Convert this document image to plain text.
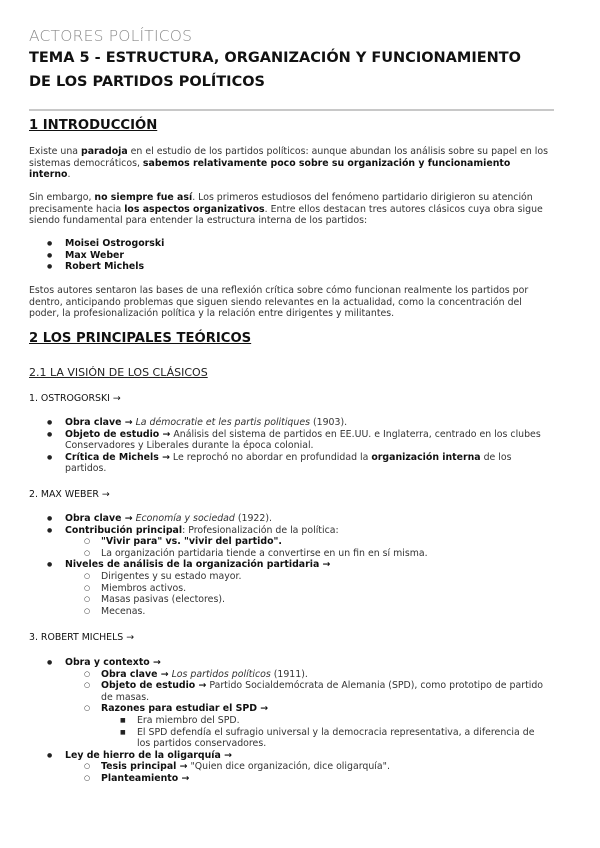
ACTORES POLÍTICOS
TEMA 5 - ESTRUCTURA, ORGANIZACIÓN Y FUNCIONAMIENTO
DE LOS PARTIDOS POLÍTICOS
1 INTRODUCCIÓN
Existe una paradoja en el estudio de los partidos políticos: aunque abundan los análisis sobre su papel en los sistemas democráticos, sabemos relativamente poco sobre su organización y funcionamiento interno.
Sin embargo, no siempre fue así. Los primeros estudiosos del fenómeno partidario dirigieron su atención precisamente hacia los aspectos organizativos. Entre ellos destacan tres autores clásicos cuya obra sigue siendo fundamental para entender la estructura interna de los partidos:
● Moisei Ostrogorski
● Max Weber
● Robert Michels
Estos autores sentaron las bases de una reflexión crítica sobre cómo funcionan realmente los partidos por dentro, anticipando problemas que siguen siendo relevantes en la actualidad, como la concentración del poder, la profesionalización política y la relación entre dirigentes y militantes.
2 LOS PRINCIPALES TEÓRICOS
2.1 LA VISIÓN DE LOS CLÁSICOS
1. OSTROGORSKI →
● Obra clave → La démocratie et les partis politiques (1903).
● Objeto de estudio → Análisis del sistema de partidos en EE.UU. e Inglaterra, centrado en los clubes Conservadores y Liberales durante la época colonial.
● Crítica de Michels → Le reprochó no abordar en profundidad la organización interna de los partidos.
2. MAX WEBER →
● Obra clave → Economía y sociedad (1922).
● Contribución principal: Profesionalización de la política:
○ "Vivir para" vs. "vivir del partido".
○ La organización partidaria tiende a convertirse en un fin en sí misma.
● Niveles de análisis de la organización partidaria →
○ Dirigentes y su estado mayor.
○ Miembros activos.
○ Masas pasivas (electores).
○ Mecenas.
3. ROBERT MICHELS →
● Obra y contexto →
○ Obra clave → Los partidos políticos (1911).
○ Objeto de estudio → Partido Socialdemócrata de Alemania (SPD), como prototipo de partido de masas.
○ Razones para estudiar el SPD →
■ Era miembro del SPD.
■ El SPD defendía el sufragio universal y la democracia representativa, a diferencia de los partidos conservadores.
● Ley de hierro de la oligarquía →
○ Tesis principal → "Quien dice organización, dice oligarquía".
○ Planteamiento →
